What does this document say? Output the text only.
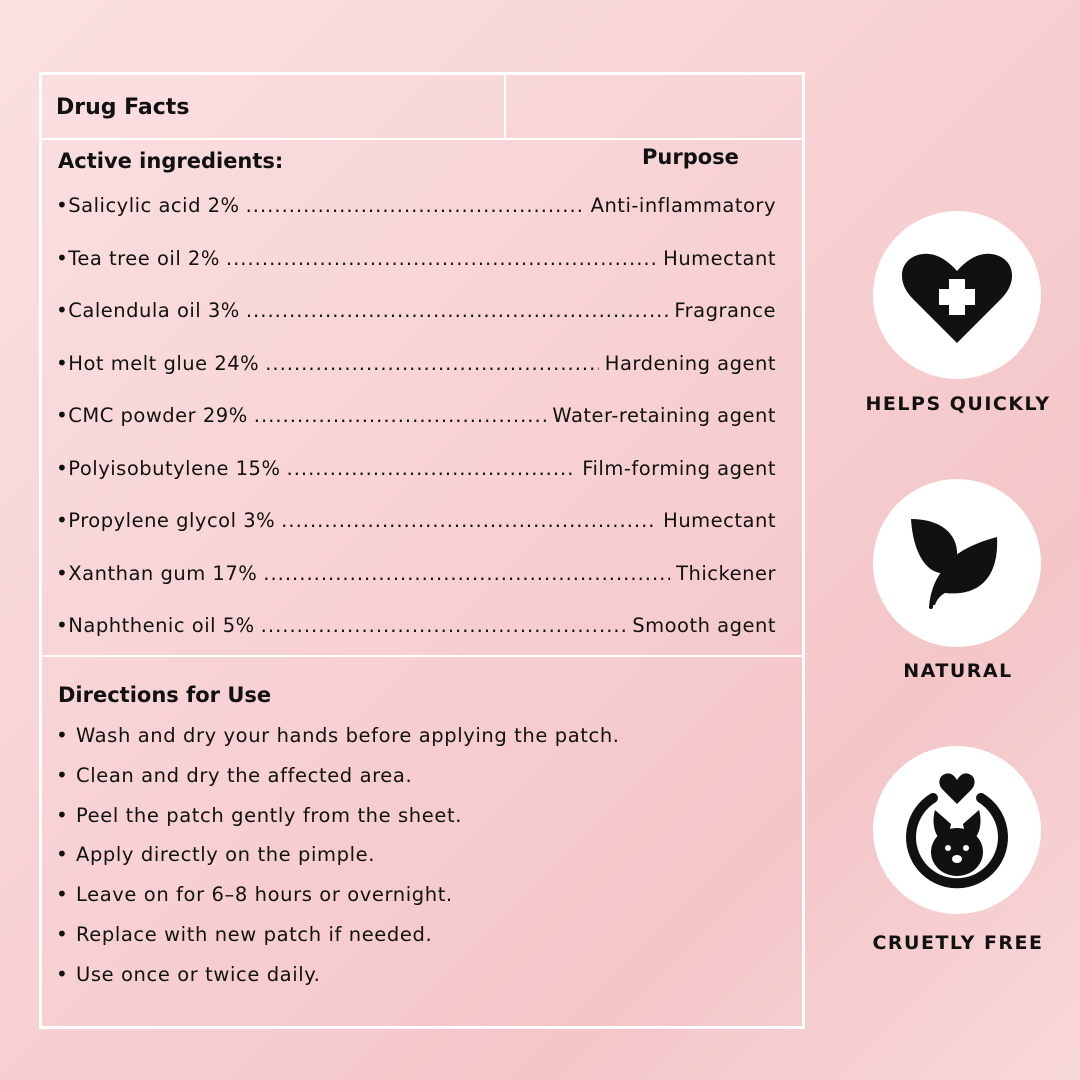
Drug Facts
Active ingredients:	Purpose
• Salicylic acid 2% .....	Anti-inflammatory
• Tea tree oil 2% .....	Humectant
• Calendula oil 3% .....	Fragrance
• Hot melt glue 24% .....	Hardening agent
• CMC powder 29% .....	Water-retaining agent
• Polyisobutylene 15% .....	Film-forming agent
• Propylene glycol 3% .....	Humectant
• Xanthan gum 17% .....	Thickener
• Naphthenic oil 5% .....	Smooth agent
Directions for Use
• Wash and dry your hands before applying the patch.
• Clean and dry the affected area.
• Peel the patch gently from the sheet.
• Apply directly on the pimple.
• Leave on for 6–8 hours or overnight.
• Replace with new patch if needed.
• Use once or twice daily.
HELPS QUICKLY
NATURAL
CRUETLY FREE
